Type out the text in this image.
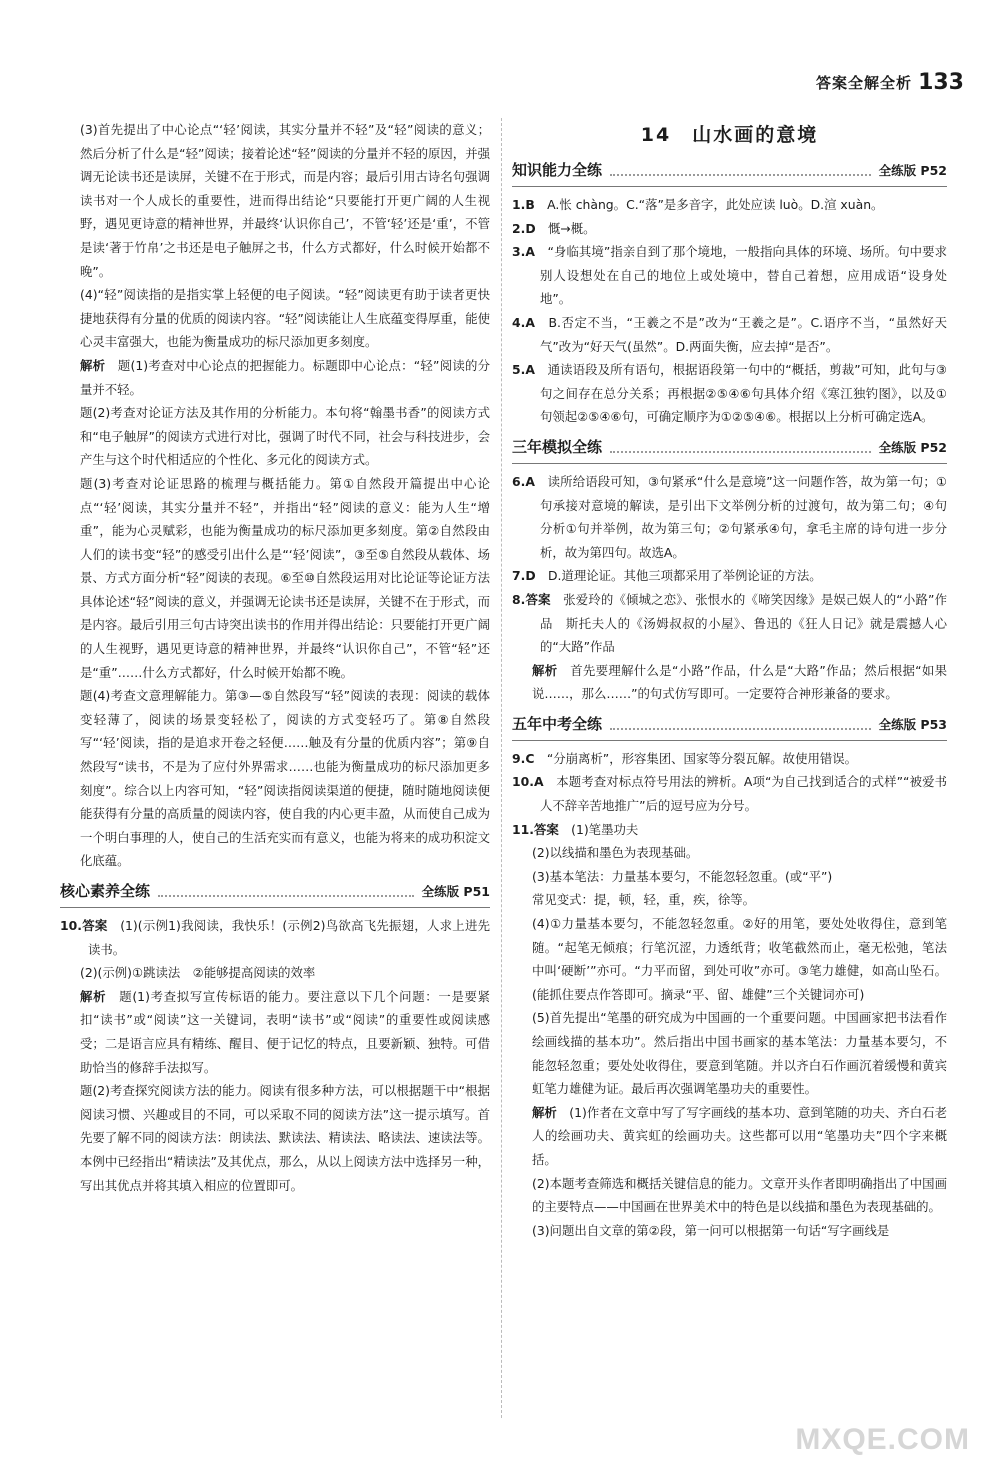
答案全解全析 133

(3)首先提出了中心论点“‘轻’阅读，其实分量并不轻”及“轻”阅读的意义；然后分析了什么是“轻”阅读；接着论述“轻”阅读的分量并不轻的原因，并强调无论读书还是读屏，关键不在于形式，而是内容；最后引用古诗名句强调读书对一个人成长的重要性，进而得出结论“只要能打开更广阔的人生视野，遇见更诗意的精神世界，并最终‘认识你自己’，不管‘轻’还是‘重’，不管是读‘著于竹帛’之书还是电子触屏之书，什么方式都好，什么时候开始都不晚”。

(4)“轻”阅读指的是指实掌上轻便的电子阅读。“轻”阅读更有助于读者更快捷地获得有分量的优质的阅读内容。“轻”阅读能让人生底蕴变得厚重，能使心灵丰富强大，也能为衡量成功的标尺添加更多刻度。

解析　 题(1)考查对中心论点的把握能力。标题即中心论点：“轻”阅读的分量并不轻。

题(2)考查对论证方法及其作用的分析能力。本句将“翰墨书香”的阅读方式和“电子触屏”的阅读方式进行对比，强调了时代不同，社会与科技进步，会产生与这个时代相适应的个性化、多元化的阅读方式。

题(3)考查对论证思路的梳理与概括能力。第①自然段开篇提出中心论点“‘轻’阅读，其实分量并不轻”，并指出“轻”阅读的意义：能为人生“增重”，能为心灵赋彩，也能为衡量成功的标尺添加更多刻度。第②自然段由人们的读书变“轻”的感受引出什么是“‘轻’阅读”，③至⑤自然段从载体、场景、方式方面分析“轻”阅读的表现。⑥至⑩自然段运用对比论证等论证方法具体论述“轻”阅读的意义，并强调无论读书还是读屏，关键不在于形式，而是内容。最后引用三句古诗突出读书的作用并得出结论：只要能打开更广阔的人生视野，遇见更诗意的精神世界，并最终“认识你自己”，不管“轻”还是“重”……什么方式都好，什么时候开始都不晚。

题(4)考查文意理解能力。第③—⑤自然段写“轻”阅读的表现：阅读的载体变轻薄了，阅读的场景变轻松了，阅读的方式变轻巧了。第⑧自然段写“‘轻’阅读，指的是追求开卷之轻便……触及有分量的优质内容”；第⑨自然段写“读书，不是为了应付外界需求……也能为衡量成功的标尺添加更多刻度”。综合以上内容可知，“轻”阅读指阅读渠道的便捷，随时随地阅读便能获得有分量的高质量的阅读内容，使自我的内心更丰盈，从而使自己成为一个明白事理的人，使自己的生活充实而有意义，也能为将来的成功积淀文化底蕴。

核心素养全练	全练版 P51

10.答案　 (1)(示例1)我阅读，我快乐！(示例2)鸟欲高飞先振翅，人求上进先读书。

(2)(示例)①跳读法　②能够提高阅读的效率

解析　 题(1)考查拟写宣传标语的能力。要注意以下几个问题：一是要紧扣“读书”或“阅读”这一关键词，表明“读书”或“阅读”的重要性或阅读感受；二是语言应具有精练、醒目、便于记忆的特点，且要新颖、独特。可借助恰当的修辞手法拟写。

题(2)考查探究阅读方法的能力。阅读有很多种方法，可以根据题干中“根据阅读习惯、兴趣或目的不同，可以采取不同的阅读方法”这一提示填写。首先要了解不同的阅读方法：朗读法、默读法、精读法、略读法、速读法等。本例中已经指出“精读法”及其优点，那么，从以上阅读方法中选择另一种，写出其优点并将其填入相应的位置即可。

14　山水画的意境
知识能力全练	全练版 P52

1.B　 A.怅 chàng。C.“落”是多音字，此处应读 luò。D.渲 xuàn。

2.D　 慨→概。

3.A　 “身临其境”指亲自到了那个境地，一般指向具体的环境、场所。句中要求别人设想处在自己的地位上或处境中，替自己着想，应用成语“设身处地”。

4.A　 B.否定不当，“王羲之不是”改为“王羲之是”。C.语序不当，“虽然好天气”改为“好天气(虽然”。D.两面失衡，应去掉“是否”。

5.A　 通读语段及所有语句，根据语段第一句中的“概括，剪裁”可知，此句与③句之间存在总分关系；再根据②⑤④⑥句具体介绍《寒江独钓图》，以及①句领起②⑤④⑥句，可确定顺序为①②⑤④⑥。根据以上分析可确定选A。

三年模拟全练	全练版 P52

6.A　 读所给语段可知，③句紧承“什么是意境”这一问题作答，故为第一句；①句承接对意境的解读，是引出下文举例分析的过渡句，故为第二句；④句分析①句并举例，故为第三句；②句紧承④句，拿毛主席的诗句进一步分析，故为第四句。故选A。

7.D　 D.道理论证。其他三项都采用了举例论证的方法。

8.答案　 张爱玲的《倾城之恋》、张恨水的《啼笑因缘》是娱己娱人的“小路”作品　斯托夫人的《汤姆叔叔的小屋》、鲁迅的《狂人日记》就是震撼人心的“大路”作品

解析　 首先要理解什么是“小路”作品，什么是“大路”作品；然后根据“如果说……，那么……”的句式仿写即可。一定要符合神形兼备的要求。

五年中考全练	全练版 P53

9.C　 “分崩离析”，形容集团、国家等分裂瓦解。故使用错误。

10.A　 本题考查对标点符号用法的辨析。A项“为自己找到适合的式样”“被爱书人不辞辛苦地推广”后的逗号应为分号。

11.答案　 (1)笔墨功夫

(2)以线描和墨色为表现基础。

(3)基本笔法：力量基本要匀，不能忽轻忽重。(或“平”)

常见变式：提，顿，轻，重，疾，徐等。

(4)①力量基本要匀，不能忽轻忽重。②好的用笔，要处处收得住，意到笔随。“起笔无倾痕；行笔沉涩，力透纸背；收笔截然而止，毫无松弛，笔法中叫‘硬断’”亦可。“力平而留，到处可收”亦可。③笔力雄健，如高山坠石。(能抓住要点作答即可。摘录“平、留、雄健”三个关键词亦可)

(5)首先提出“笔墨的研究成为中国画的一个重要问题。中国画家把书法看作绘画线描的基本功”。然后指出中国书画家的基本笔法：力量基本要匀，不能忽轻忽重；要处处收得住，要意到笔随。并以齐白石作画沉着缓慢和黄宾虹笔力雄健为证。最后再次强调笔墨功夫的重要性。

解析　 (1)作者在文章中写了写字画线的基本功、意到笔随的功夫、齐白石老人的绘画功夫、黄宾虹的绘画功夫。这些都可以用“笔墨功夫”四个字来概括。

(2)本题考查筛选和概括关键信息的能力。文章开头作者即明确指出了中国画的主要特点——中国画在世界美术中的特色是以线描和墨色为表现基础的。

(3)问题出自文章的第②段，第一问可以根据第一句话“写字画线是

MXQE.COM
